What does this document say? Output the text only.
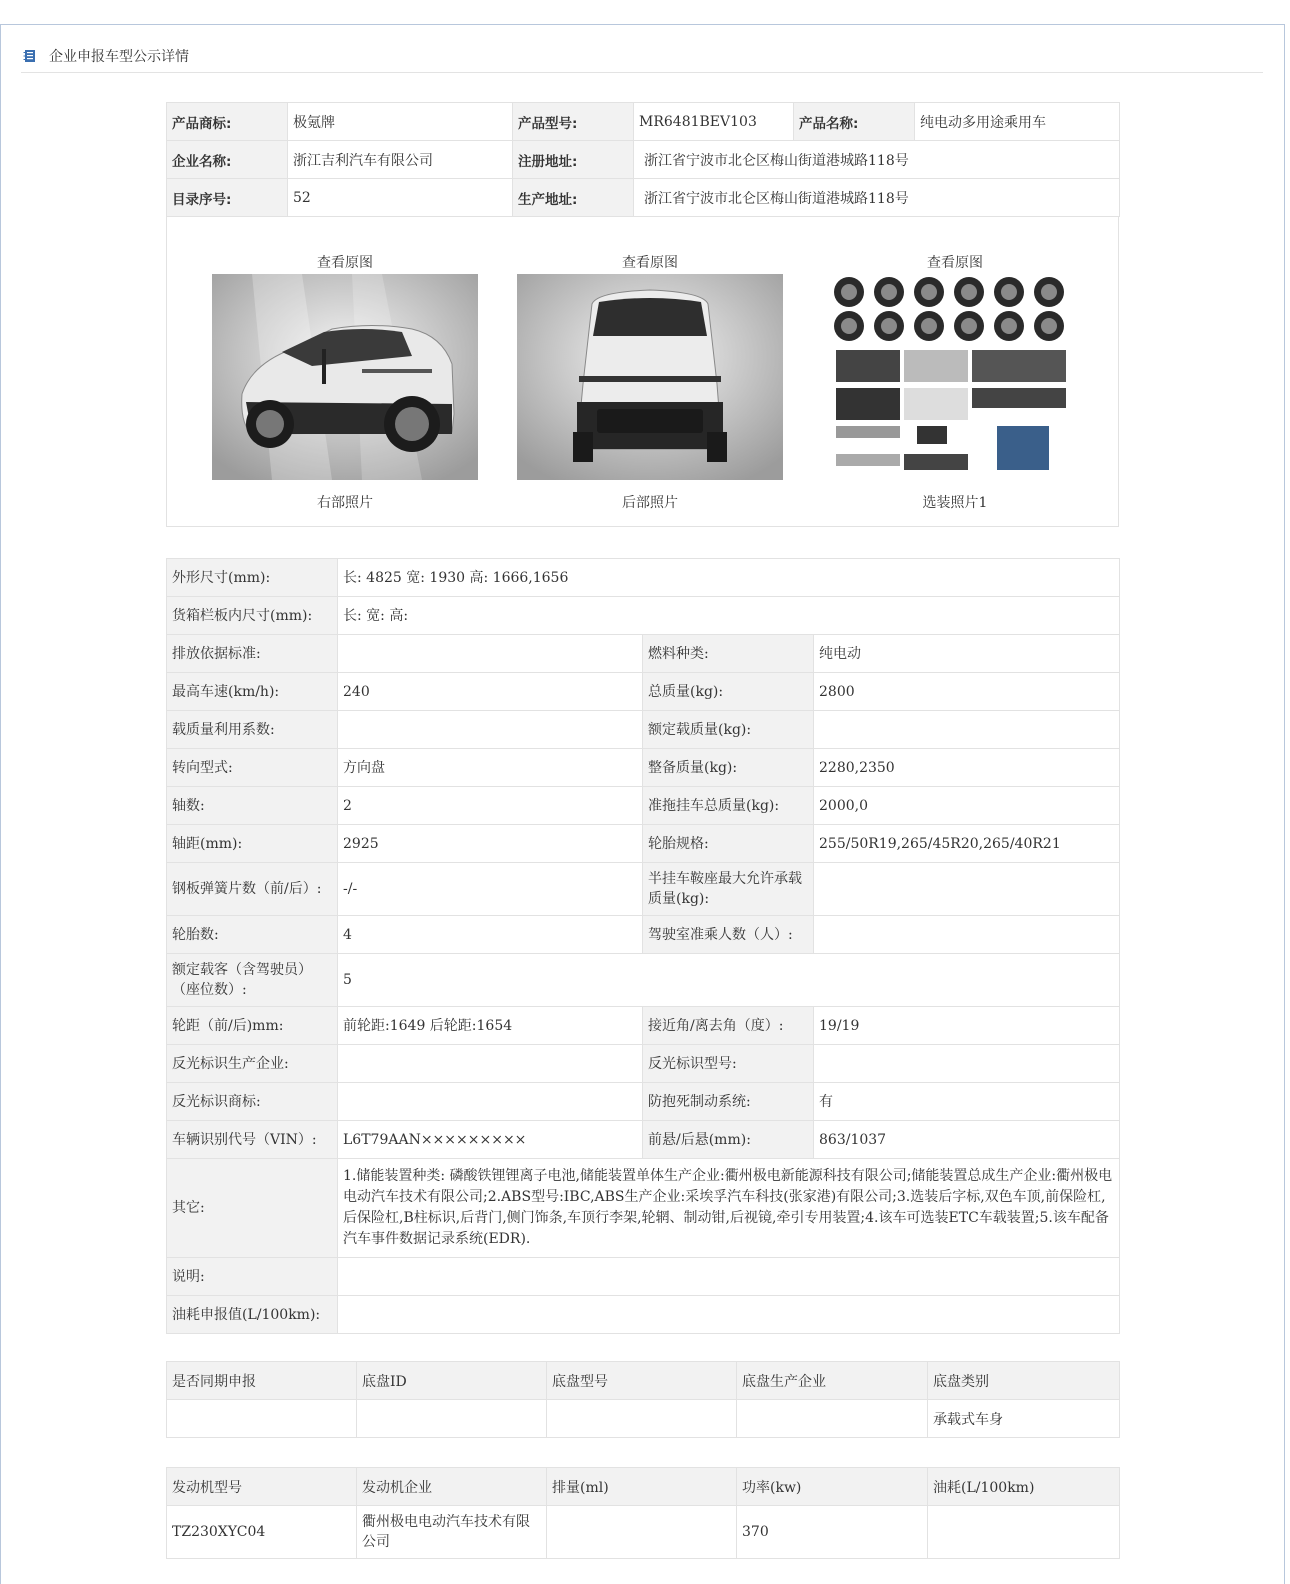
企业申报车型公示详情
产品商标:	极氪牌	产品型号:	MR6481BEV103	产品名称:	纯电动多用途乘用车
企业名称:	浙江吉利汽车有限公司	注册地址:	浙江省宁波市北仑区梅山街道港城路118号		
目录序号:	52	生产地址:	浙江省宁波市北仑区梅山街道港城路118号		
查看原图
右部照片
查看原图
后部照片
查看原图
选装照片1
外形尺寸(mm):	长: 4825 宽: 1930 高: 1666,1656		
货箱栏板内尺寸(mm):	长: 宽: 高:		
排放依据标准:		燃料种类:	纯电动
最高车速(km/h):	240	总质量(kg):	2800
载质量利用系数:		额定载质量(kg):	
转向型式:	方向盘	整备质量(kg):	2280,2350
轴数:	2	准拖挂车总质量(kg):	2000,0
轴距(mm):	2925	轮胎规格:	255/50R19,265/45R20,265/40R21
钢板弹簧片数（前/后）:	-/-	半挂车鞍座最大允许承载质量(kg):	
轮胎数:	4	驾驶室准乘人数（人）:	
额定载客（含驾驶员）（座位数）:	5		
轮距（前/后)mm:	前轮距:1649 后轮距:1654	接近角/离去角（度）:	19/19
反光标识生产企业:		反光标识型号:	
反光标识商标:		防抱死制动系统:	有
车辆识别代号（VIN）:	L6T79AAN×××××××××	前悬/后悬(mm):	863/1037
其它:	1.储能装置种类: 磷酸铁锂锂离子电池,储能装置单体生产企业:衢州极电新能源科技有限公司;储能装置总成生产企业:衢州极电电动汽车技术有限公司;2.ABS型号:IBC,ABS生产企业:采埃孚汽车科技(张家港)有限公司;3.选装后字标,双色车顶,前保险杠,后保险杠,B柱标识,后背门,侧门饰条,车顶行李架,轮辋、制动钳,后视镜,牵引专用装置;4.该车可选装ETC车载装置;5.该车配备汽车事件数据记录系统(EDR).		
说明:			
油耗申报值(L/100km):			
是否同期申报	底盘ID	底盘型号	底盘生产企业	底盘类别
				承载式车身
发动机型号	发动机企业	排量(ml)	功率(kw)	油耗(L/100km)
TZ230XYC04	衢州极电电动汽车技术有限公司		370	
